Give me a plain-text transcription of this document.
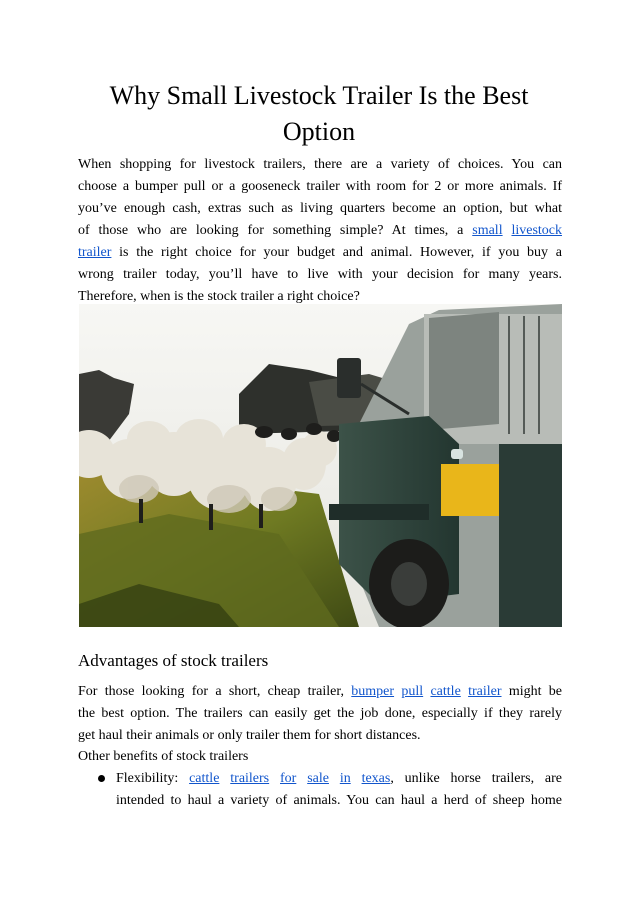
Why Small Livestock Trailer Is the Best
Option
When shopping for livestock trailers, there are a variety of choices. You can
choose a bumper pull or a gooseneck trailer with room for 2 or more animals. If
you’ve enough cash, extras such as living quarters become an option, but what
of those who are looking for something simple? At times, a small livestock
trailer is the right choice for your budget and animal. However, if you buy a
wrong trailer today, you’ll have to live with your decision for many years.
Therefore, when is the stock trailer a right choice?
Advantages of stock trailers
For those looking for a short, cheap trailer, bumper pull cattle trailer might be
the best option. The trailers can easily get the job done, especially if they rarely
get haul their animals or only trailer them for short distances.

Other benefits of stock trailers

Flexibility: cattle trailers for sale in texas, unlike horse trailers, are
intended to haul a variety of animals. You can haul a herd of sheep home
